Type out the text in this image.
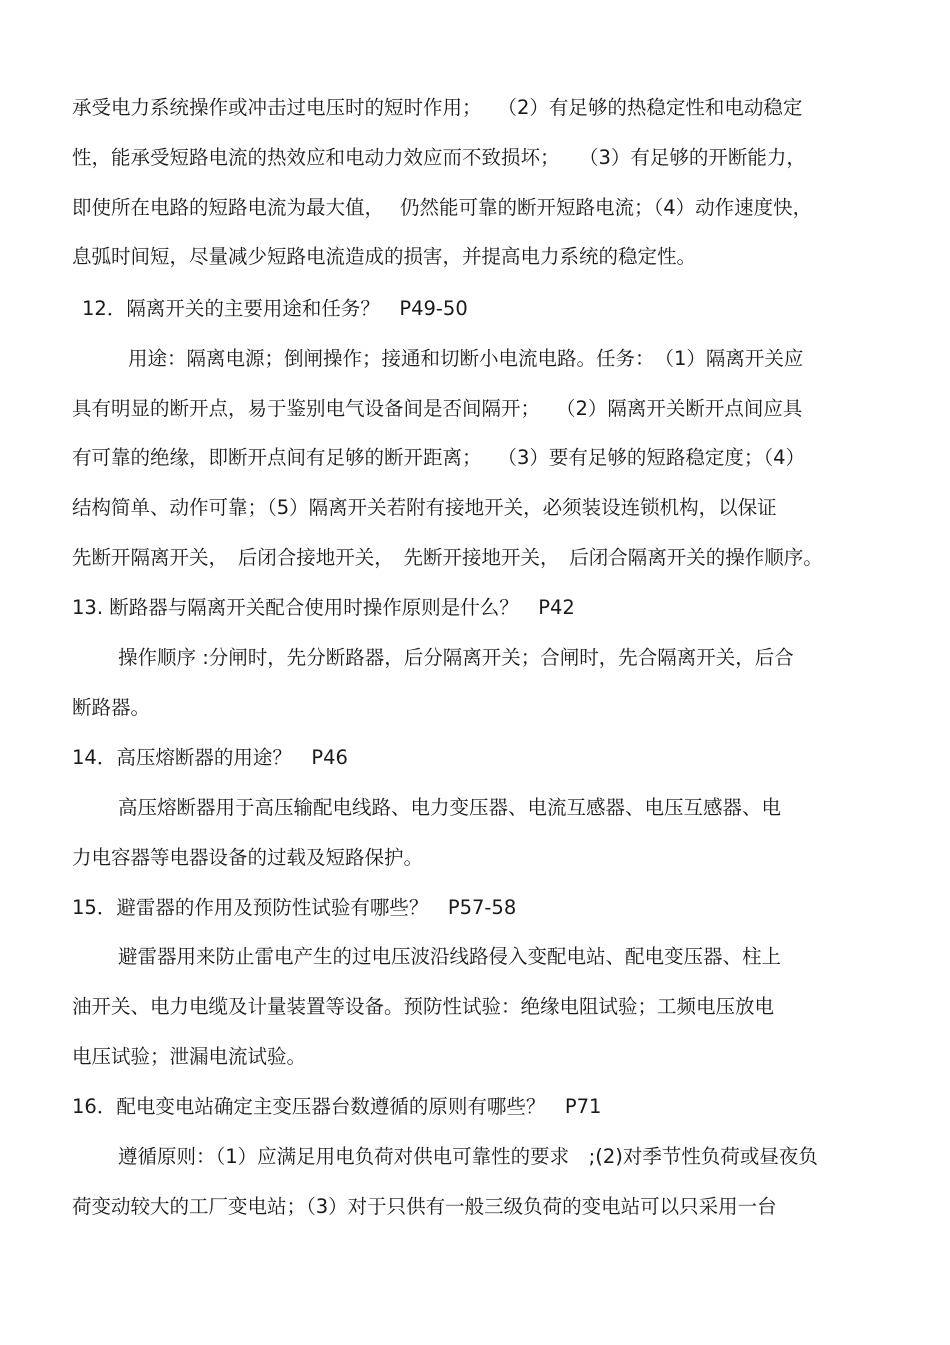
承受电力系统操作或冲击过电压时的短时作用；　 （2）有足够的热稳定性和电动稳定
性，能承受短路电流的热效应和电动力效应而不致损坏；　　（3）有足够的开断能力，
即使所在电路的短路电流为最大值，　 仍然能可靠的断开短路电流；（4）动作速度快，
息弧时间短，尽量减少短路电流造成的损害，并提高电力系统的稳定性。
12．隔离开关的主要用途和任务？　P49-50
用途：隔离电源；倒闸操作；接通和切断小电流电路。任务：　（1）隔离开关应
具有明显的断开点，易于鉴别电气设备间是否间隔开；　 （2）隔离开关断开点间应具
有可靠的绝缘，即断开点间有足够的断开距离；　 （3）要有足够的短路稳定度；（4）
结构简单、动作可靠；（5）隔离开关若附有接地开关，必须装设连锁机构，以保证
先断开隔离开关，　后闭合接地开关，　先断开接地开关，　后闭合隔离开关的操作顺序。
13. 断路器与隔离开关配合使用时操作原则是什么？　P42
操作顺序 :分闸时，先分断路器，后分隔离开关；合闸时，先合隔离开关，后合
断路器。
14．高压熔断器的用途？　P46
高压熔断器用于高压输配电线路、电力变压器、电流互感器、电压互感器、电
力电容器等电器设备的过载及短路保护。
15．避雷器的作用及预防性试验有哪些？　P57-58
避雷器用来防止雷电产生的过电压波沿线路侵入变配电站、配电变压器、柱上
油开关、电力电缆及计量装置等设备。预防性试验：绝缘电阻试验；工频电压放电
电压试验；泄漏电流试验。
16．配电变电站确定主变压器台数遵循的原则有哪些？　P71
遵循原则：（1）应满足用电负荷对供电可靠性的要求　;(2)对季节性负荷或昼夜负
荷变动较大的工厂变电站；（3）对于只供有一般三级负荷的变电站可以只采用一台
